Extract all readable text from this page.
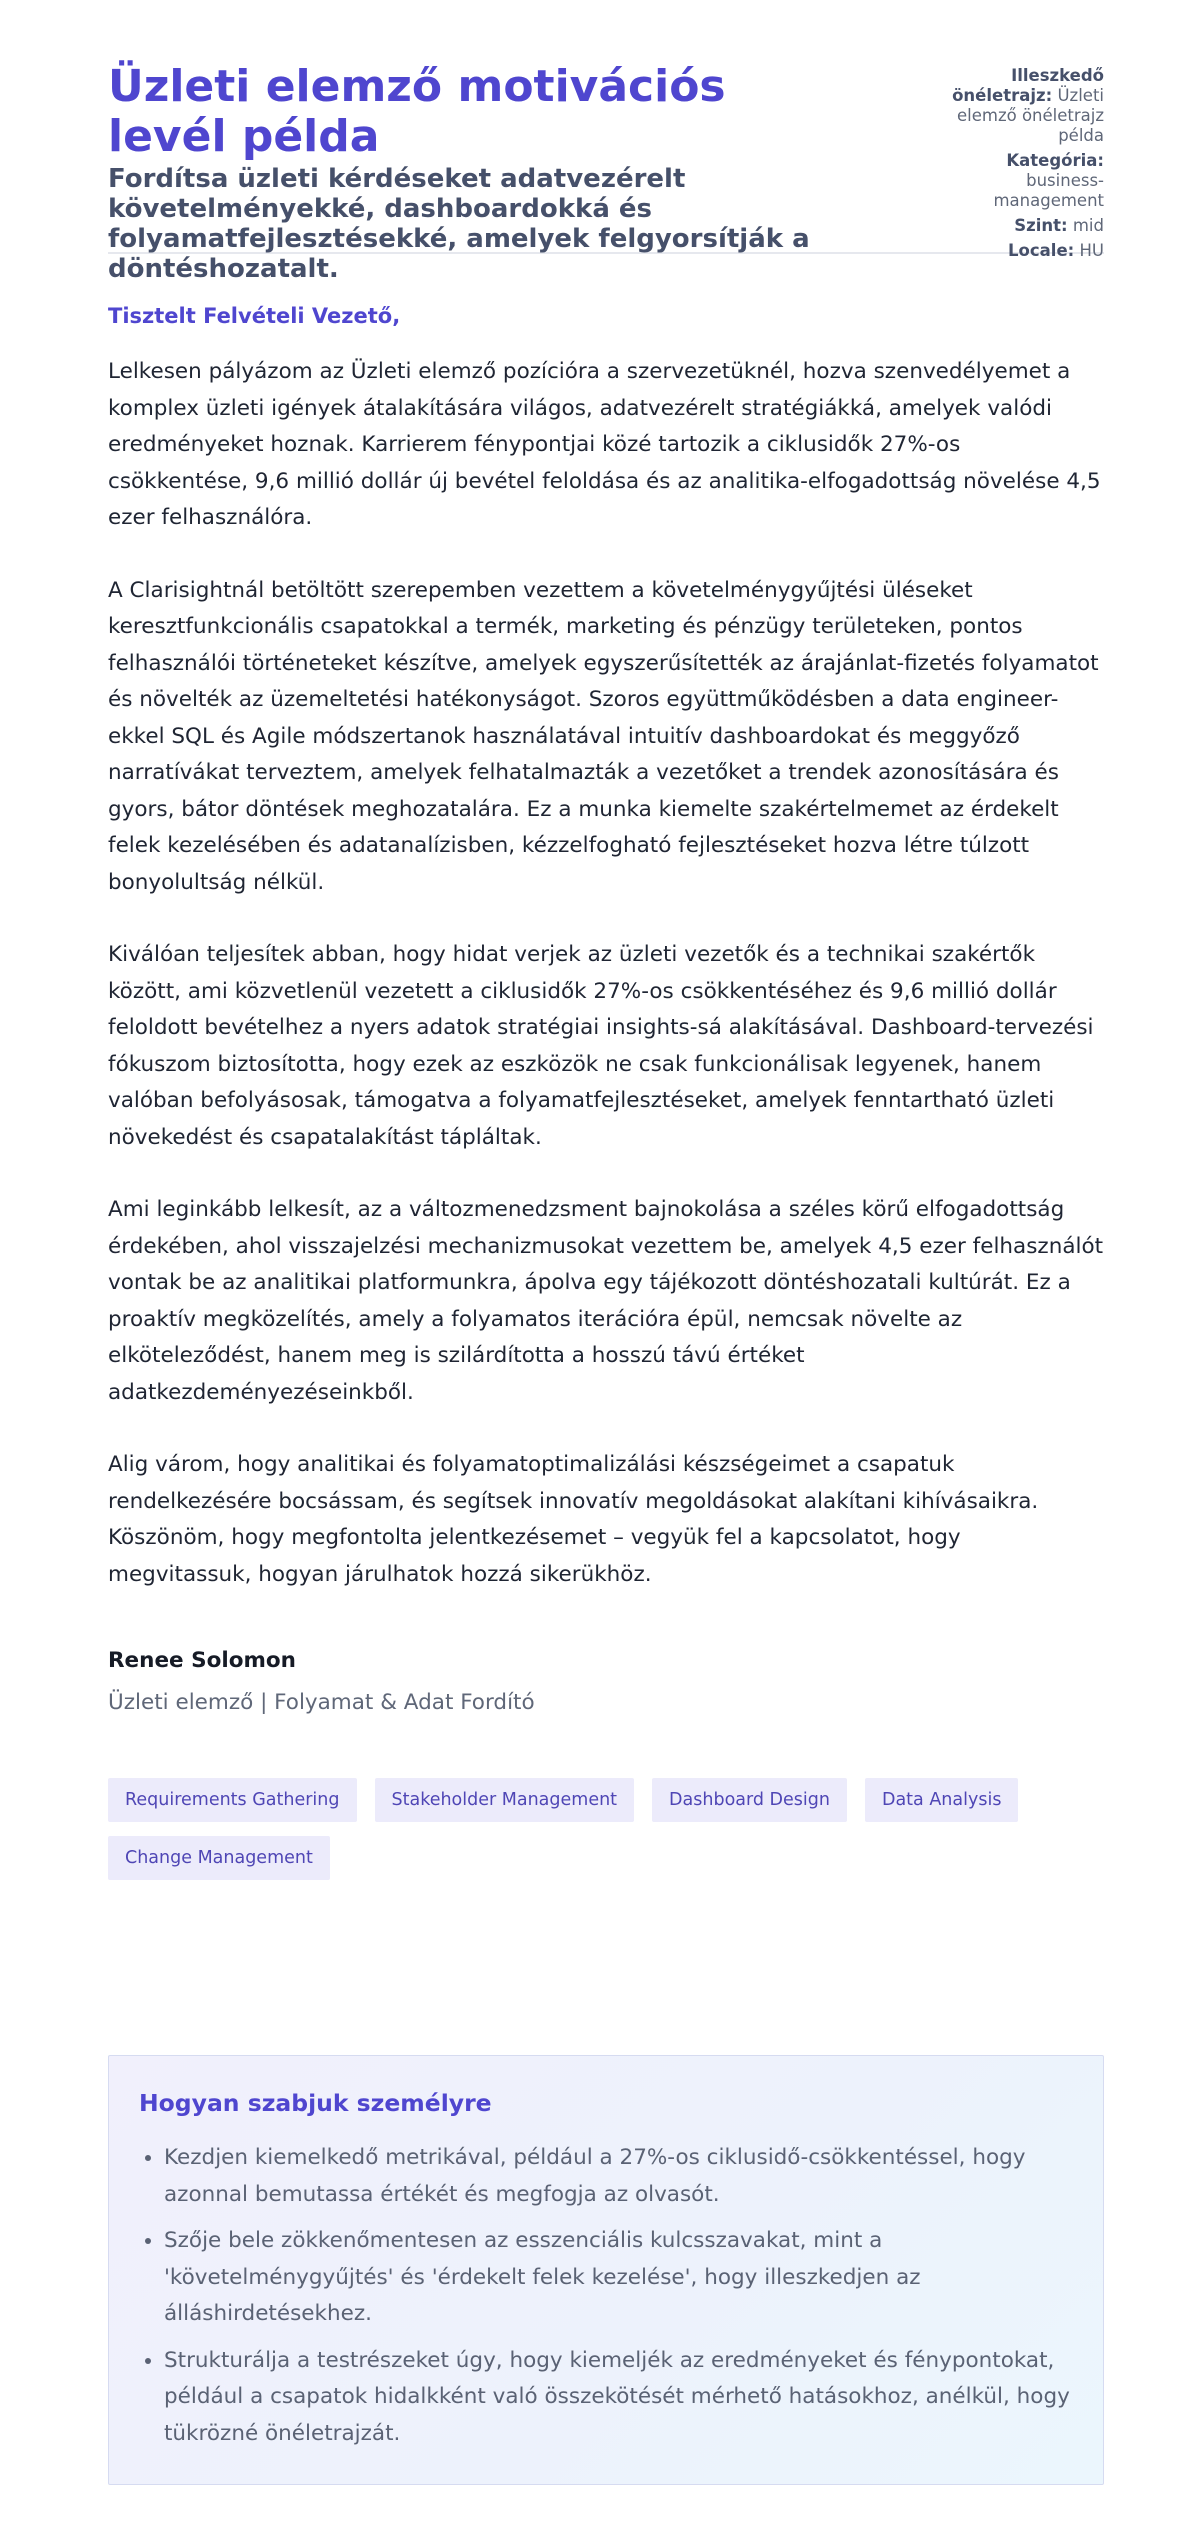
Üzleti elemző motivációs levél példa
Fordítsa üzleti kérdéseket adatvezérelt követelményekké, dashboardokká és folyamatfejlesztésekké, amelyek felgyorsítják a döntéshozatalt.
Illeszkedő önéletrajz: Üzleti elemző önéletrajz példa
Kategória: business-management
Szint: mid
Locale: HU

Tisztelt Felvételi Vezető,

Lelkesen pályázom az Üzleti elemző pozícióra a szervezetüknél, hozva szenvedélyemet a komplex üzleti igények átalakítására világos, adatvezérelt stratégiákká, amelyek valódi eredményeket hoznak. Karrierem fénypontjai közé tartozik a ciklusidők 27%-os csökkentése, 9,6 millió dollár új bevétel feloldása és az analitika-elfogadottság növelése 4,5 ezer felhasználóra.

A Clarisightnál betöltött szerepemben vezettem a követelménygyűjtési üléseket keresztfunkcionális csapatokkal a termék, marketing és pénzügy területeken, pontos felhasználói történeteket készítve, amelyek egyszerűsítették az árajánlat-fizetés folyamatot és növelték az üzemeltetési hatékonyságot. Szoros együttműködésben a data engineer-ekkel SQL és Agile módszertanok használatával intuitív dashboardokat és meggyőző narratívákat terveztem, amelyek felhatalmazták a vezetőket a trendek azonosítására és gyors, bátor döntések meghozatalára. Ez a munka kiemelte szakértelmemet az érdekelt felek kezelésében és adatanalízisben, kézzelfogható fejlesztéseket hozva létre túlzott bonyolultság nélkül.

Kiválóan teljesítek abban, hogy hidat verjek az üzleti vezetők és a technikai szakértők között, ami közvetlenül vezetett a ciklusidők 27%-os csökkentéséhez és 9,6 millió dollár feloldott bevételhez a nyers adatok stratégiai insights-sá alakításával. Dashboard-tervezési fókuszom biztosította, hogy ezek az eszközök ne csak funkcionálisak legyenek, hanem valóban befolyásosak, támogatva a folyamatfejlesztéseket, amelyek fenntartható üzleti növekedést és csapatalakítást tápláltak.

Ami leginkább lelkesít, az a változmenedzsment bajnokolása a széles körű elfogadottság érdekében, ahol visszajelzési mechanizmusokat vezettem be, amelyek 4,5 ezer felhasználót vontak be az analitikai platformunkra, ápolva egy tájékozott döntéshozatali kultúrát. Ez a proaktív megközelítés, amely a folyamatos iterációra épül, nemcsak növelte az elköteleződést, hanem meg is szilárdította a hosszú távú értéket adatkezdeményezéseinkből.

Alig várom, hogy analitikai és folyamatoptimalizálási készségeimet a csapatuk rendelkezésére bocsássam, és segítsek innovatív megoldásokat alakítani kihívásaikra. Köszönöm, hogy megfontolta jelentkezésemet – vegyük fel a kapcsolatot, hogy megvitassuk, hogyan járulhatok hozzá sikerükhöz.

Renee Solomon
Üzleti elemző | Folyamat & Adat Fordító
Requirements Gathering	Stakeholder Management	Dashboard Design	Data Analysis
Change Management
Hogyan szabjuk személyre
• Kezdjen kiemelkedő metrikával, például a 27%-os ciklusidő-csökkentéssel, hogy azonnal bemutassa értékét és megfogja az olvasót.
• Szője bele zökkenőmentesen az esszenciális kulcsszavakat, mint a 'követelménygyűjtés' és 'érdekelt felek kezelése', hogy illeszkedjen az álláshirdetésekhez.
• Strukturálja a testrészeket úgy, hogy kiemeljék az eredményeket és fénypontokat, például a csapatok hidalkként való összekötését mérhető hatásokhoz, anélkül, hogy tükrözné önéletrajzát.
